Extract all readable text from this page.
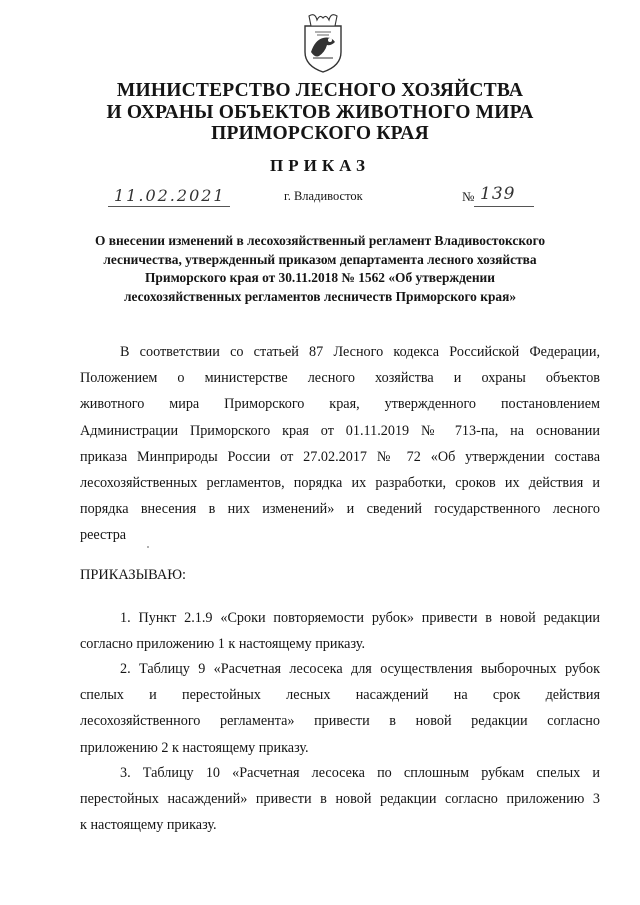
МИНИСТЕРСТВО ЛЕСНОГО ХОЗЯЙСТВА
И ОХРАНЫ ОБЪЕКТОВ ЖИВОТНОГО МИРА
ПРИМОРСКОГО КРАЯ
ПРИКАЗ
11.02.2021	г. Владивосток	№ 139
О внесении изменений в лесохозяйственный регламент Владивостокского
лесничества, утвержденный приказом департамента лесного хозяйства
Приморского края от 30.11.2018 № 1562 «Об утверждении
лесохозяйственных регламентов лесничеств Приморского края»
В соответствии со статьей 87 Лесного кодекса Российской Федерации,
Положением о министерстве лесного хозяйства и охраны объектов
животного мира Приморского края, утвержденного постановлением
Администрации Приморского края от 01.11.2019 № 713-па, на основании
приказа Минприроды России от 27.02.2017 № 72 «Об утверждении состава
лесохозяйственных регламентов, порядка их разработки, сроков их действия и
порядка внесения в них изменений» и сведений государственного лесного
реестра
ПРИКАЗЫВАЮ:
1. Пункт 2.1.9 «Сроки повторяемости рубок» привести в новой редакции
согласно приложению 1 к настоящему приказу.
2. Таблицу 9 «Расчетная лесосека для осуществления выборочных рубок
спелых и перестойных лесных насаждений на срок действия
лесохозяйственного регламента» привести в новой редакции согласно
приложению 2 к настоящему приказу.
3. Таблицу 10 «Расчетная лесосека по сплошным рубкам спелых и
перестойных насаждений» привести в новой редакции согласно приложению 3
к настоящему приказу.
